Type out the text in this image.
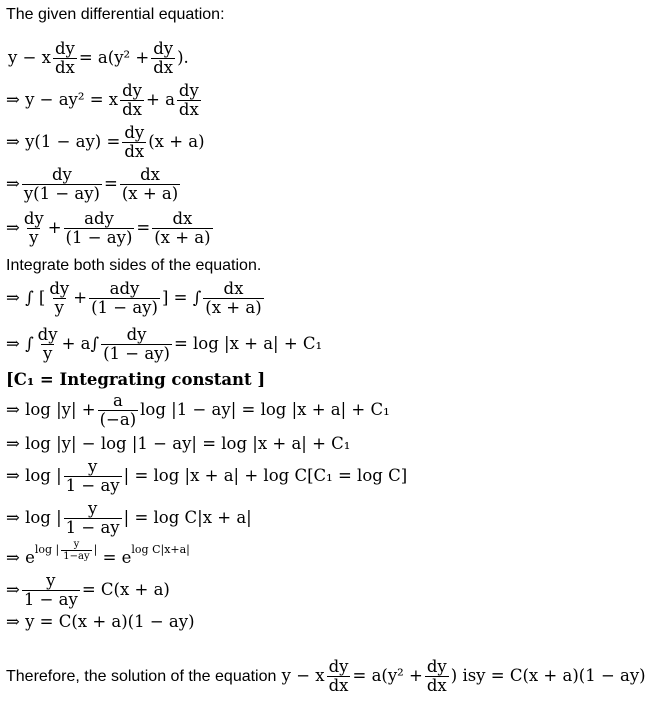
The given differential equation:
y − x $\frac{dy}{dx} = a(y^2 + \frac{dy}{dx}$ ).
⇒ y − ay² = x $\frac{dy}{dx} + a \frac{dy}{dx}$
⇒ $y(1 - ay) = \frac{dy}{dx} (x + a)$
⇒ $\frac{dy}{y(1 - ay)} = \frac{dx}{(x + a)}$
⇒ $\frac{dy}{y} + \frac{\text{ady}}{(1 - ay)} = \frac{dx}{(x + a)}$
Integrate both sides of the equation.
⇒ ∫ [ $\frac{dy}{y} + \frac{\text{ady}}{(1 - ay)}$ ] = ∫ $\frac{dx}{(x + a)}$
⇒ ∫ $\frac{dy}{y} + a\int \frac{dy}{(1 - ay)} = \log |x + a| + C_1$
[C₁ = Integrating constant ]
⇒ $\log |y| + \frac{a}{(-a)}$ log |1 − ay| = log |x + a| + C₁
⇒ log |y| − log |1 − ay| = log |x + a| + C₁
⇒ log | $\frac{y}{1 - ay}$ | = log |x + a| + log C[C₁ = log C]
⇒ log | $\frac{y}{1 - ay}$ | = log C|x + a|
⇒ $e^{log | \frac{y}{1-ay} |} = e^{log C|x+a|}$
⇒ $\frac{y}{1 - ay} = C(x + a)$
⇒ y = C(x + a)(1 − ay)
Therefore, the solution of the equation y − x $\frac{dy}{dx} = a(y^2 + \frac{dy}{dx}$ ) isy = C(x + a)(1 − ay)
